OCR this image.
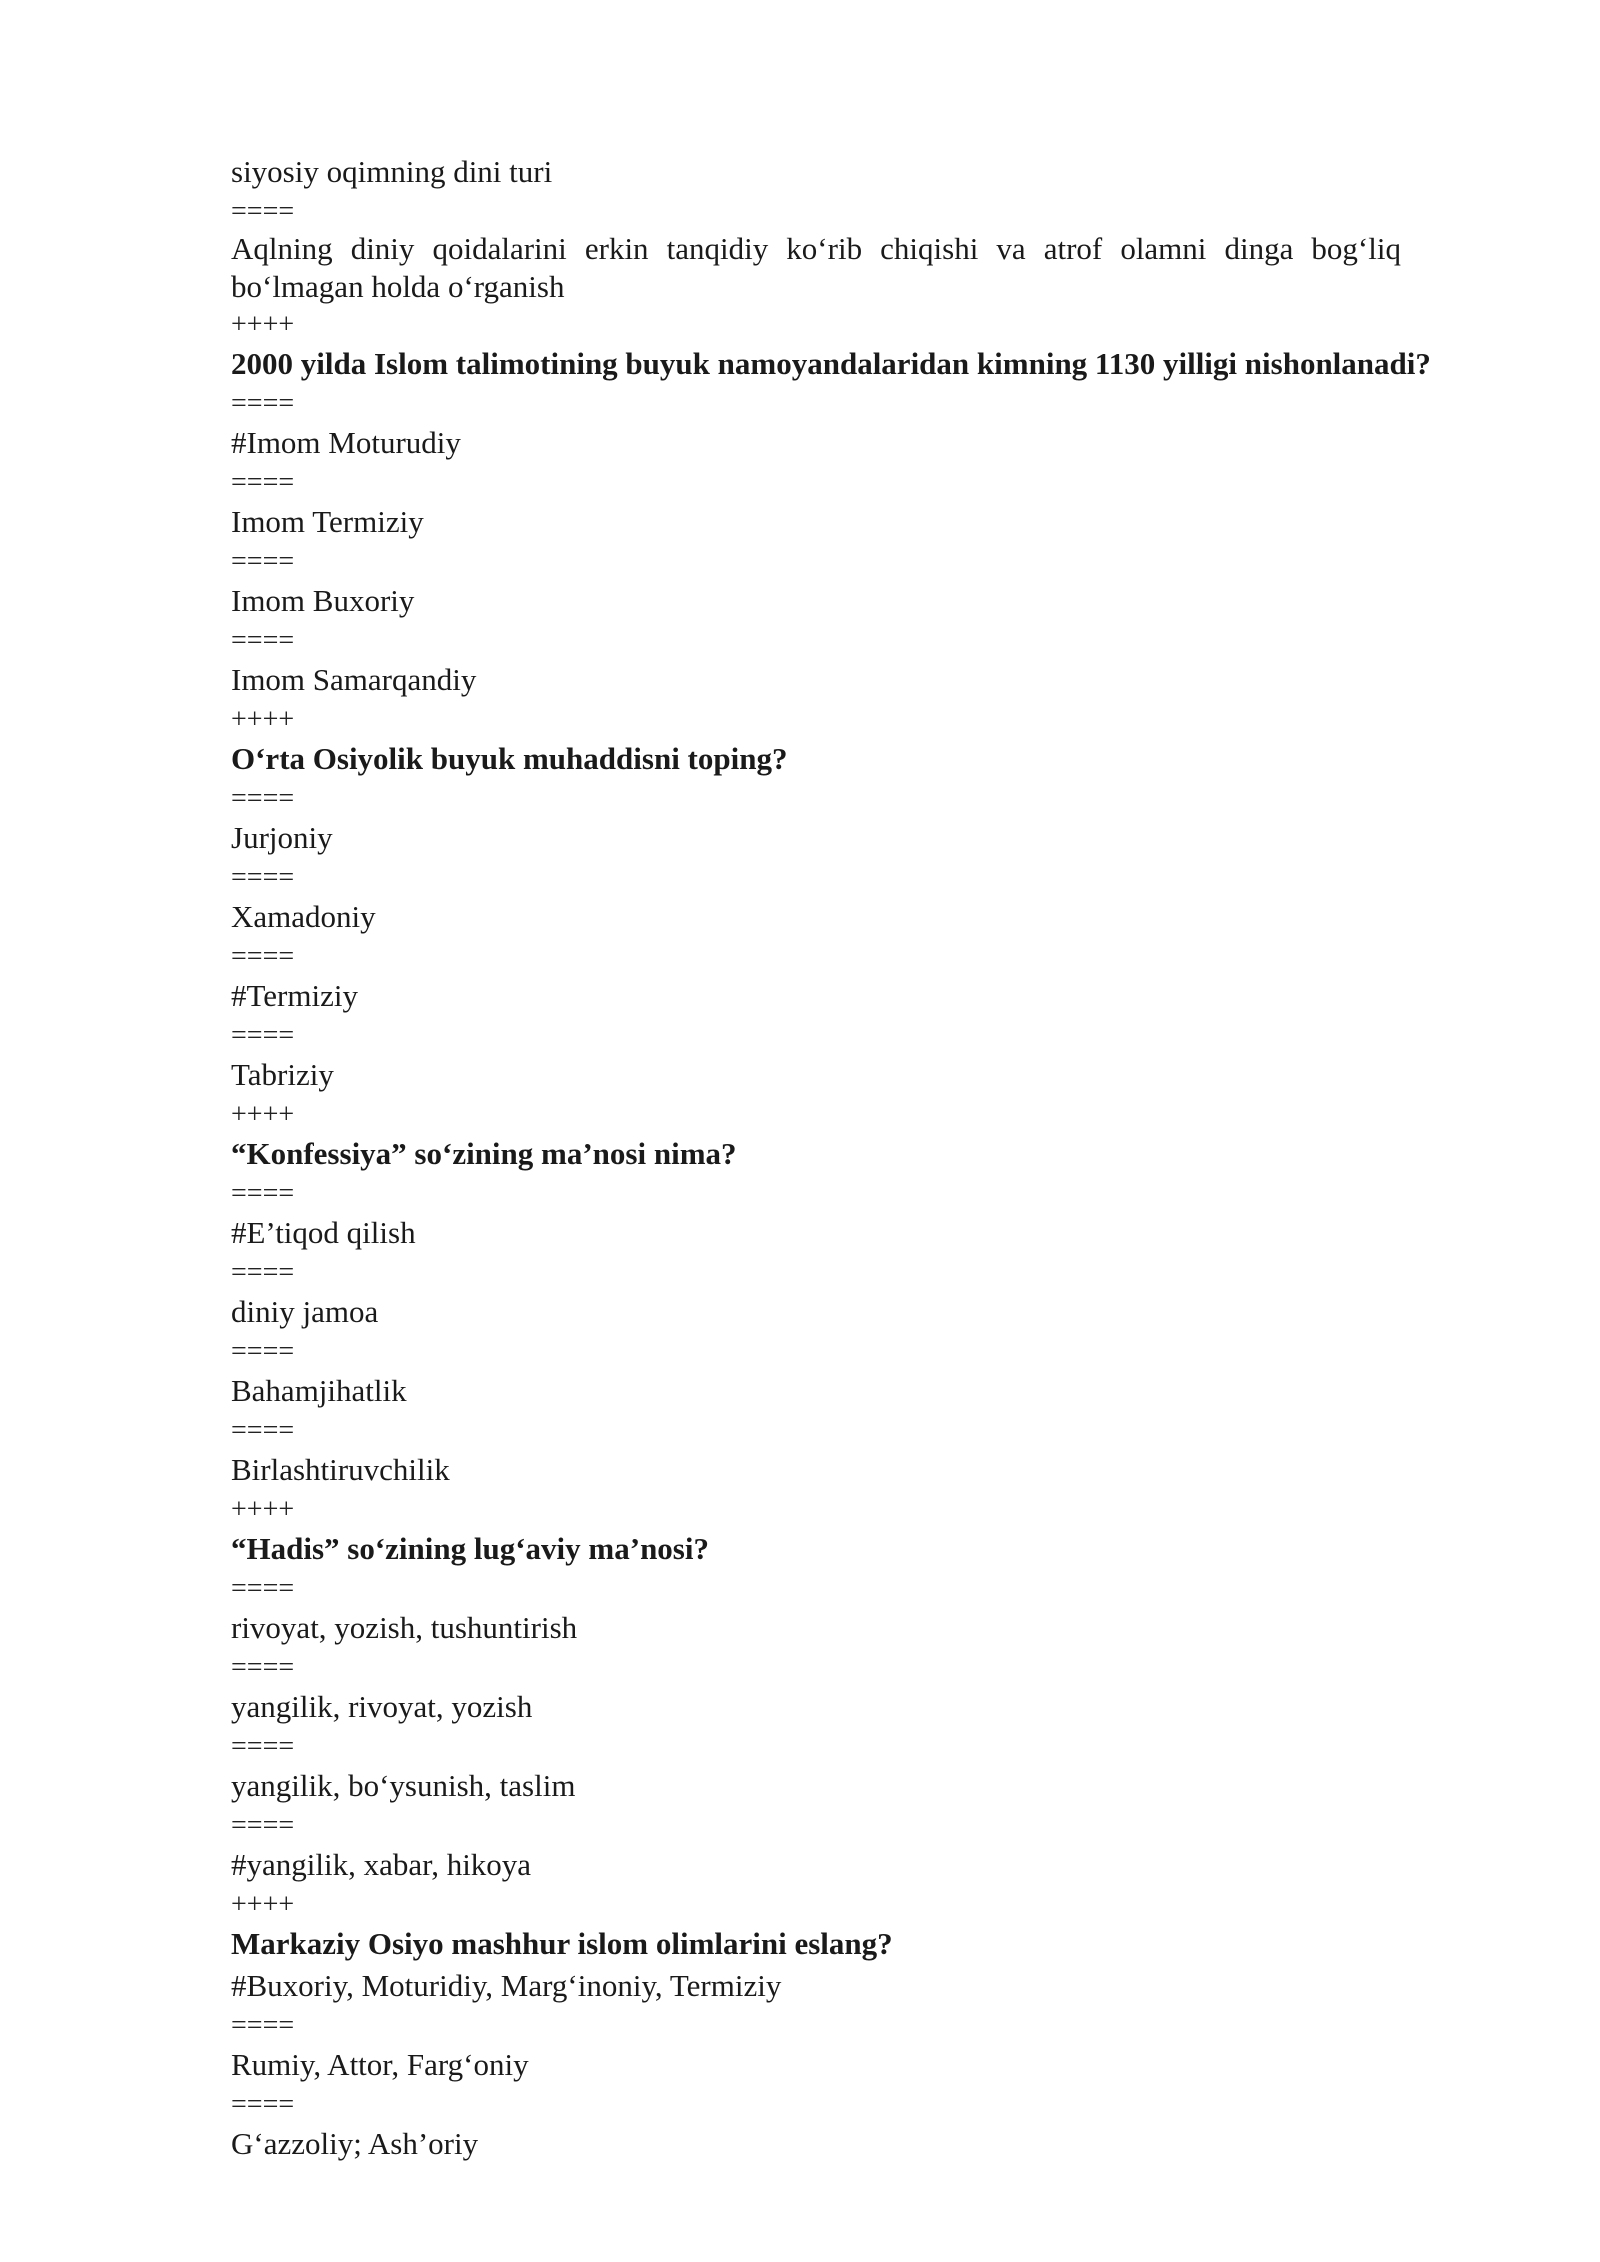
siyosiy oqimning dini turi
====
Aqlning diniy qoidalarini erkin tanqidiy ko‘rib chiqishi va atrof olamni dinga bog‘liq bo‘lmagan holda o‘rganish
++++
2000 yilda Islom talimotining buyuk namoyandalaridan kimning 1130 yilligi nishonlanadi?
====
#Imom Moturudiy
====
Imom Termiziy
====
Imom Buxoriy
====
Imom Samarqandiy
++++
O‘rta Osiyolik buyuk muhaddisni toping?
====
Jurjoniy
====
Xamadoniy
====
#Termiziy
====
Tabriziy
++++
“Konfessiya” so‘zining ma’nosi nima?
====
#E’tiqod qilish
====
diniy jamoa
====
Bahamjihatlik
====
Birlashtiruvchilik
++++
“Hadis” so‘zining lug‘aviy ma’nosi?
====
rivoyat, yozish, tushuntirish
====
yangilik, rivoyat, yozish
====
yangilik, bo‘ysunish, taslim
====
#yangilik, xabar, hikoya
++++
Markaziy Osiyo mashhur islom olimlarini eslang?
#Buxoriy, Moturidiy, Marg‘inoniy, Termiziy
====
Rumiy, Attor, Farg‘oniy
====
G‘azzoliy; Ash’oriy
